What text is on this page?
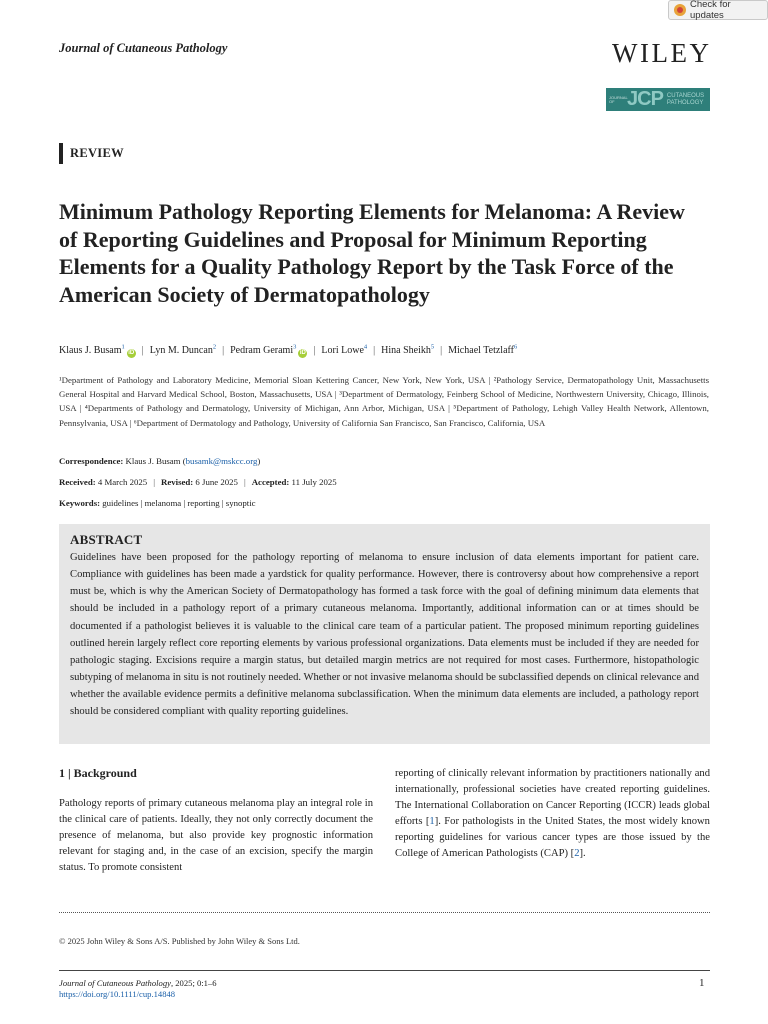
Check for updates
Journal of Cutaneous Pathology	WILEY
JOURNAL OF JCP CUTANEOUS
PATHOLOGY
REVIEW
Minimum Pathology Reporting Elements for Melanoma: A Review of Reporting Guidelines and Proposal for Minimum Reporting Elements for a Quality Pathology Report by the Task Force of the American Society of Dermatopathology
Klaus J. Busam$^1$iD | Lyn M. Duncan$^2$ | Pedram Gerami$^3$iD | Lori Lowe$^4$ | Hina Sheikh$^5$ | Michael Tetzlaff$^6$
¹Department of Pathology and Laboratory Medicine, Memorial Sloan Kettering Cancer, New York, New York, USA | ²Pathology Service, Dermatopathology Unit, Massachusetts General Hospital and Harvard Medical School, Boston, Massachusetts, USA | ³Department of Dermatology, Feinberg School of Medicine, Northwestern University, Chicago, Illinois, USA | ⁴Departments of Pathology and Dermatology, University of Michigan, Ann Arbor, Michigan, USA | ⁵Department of Pathology, Lehigh Valley Health Network, Allentown, Pennsylvania, USA | ⁶Department of Dermatology and Pathology, University of California San Francisco, San Francisco, California, USA
Correspondence: Klaus J. Busam (busamk@mskcc.org)
Received: 4 March 2025 | Revised: 6 June 2025 | Accepted: 11 July 2025
Keywords: guidelines | melanoma | reporting | synoptic
ABSTRACT
Guidelines have been proposed for the pathology reporting of melanoma to ensure inclusion of data elements important for patient care. Compliance with guidelines has been made a yardstick for quality performance. However, there is controversy about how comprehensive a report must be, which is why the American Society of Dermatopathology has formed a task force with the goal of defining minimum data elements that should be included in a pathology report of a primary cutaneous melanoma. Importantly, additional information can or at times should be documented if a pathologist believes it is valuable to the clinical care team of a particular patient. The proposed minimum reporting guidelines outlined herein largely reflect core reporting elements by various professional organizations. Data elements must be included if they are needed for pathologic staging. Excisions require a margin status, but detailed margin metrics are not required for most cases. Furthermore, histopathologic subtyping of melanoma in situ is not routinely needed. Whether or not invasive melanoma should be subclassified depends on clinical relevance and whether the available evidence permits a definitive melanoma subclassification. When the minimum data elements are included, a pathology report should be considered compliant with quality reporting guidelines.
1 | Background
Pathology reports of primary cutaneous melanoma play an integral role in the clinical care of patients. Ideally, they not only correctly document the presence of melanoma, but also provide key prognostic information relevant for staging and, in the case of an excision, specify the margin status. To promote consistent
reporting of clinically relevant information by practitioners nationally and internationally, professional societies have created reporting guidelines. The International Collaboration on Cancer Reporting (ICCR) leads global efforts [1]. For pathologists in the United States, the most widely known reporting guidelines for various cancer types are those issued by the College of American Pathologists (CAP) [2].
© 2025 John Wiley & Sons A/S. Published by John Wiley & Sons Ltd.
Journal of Cutaneous Pathology, 2025; 0:1–6
https://doi.org/10.1111/cup.14848
1
